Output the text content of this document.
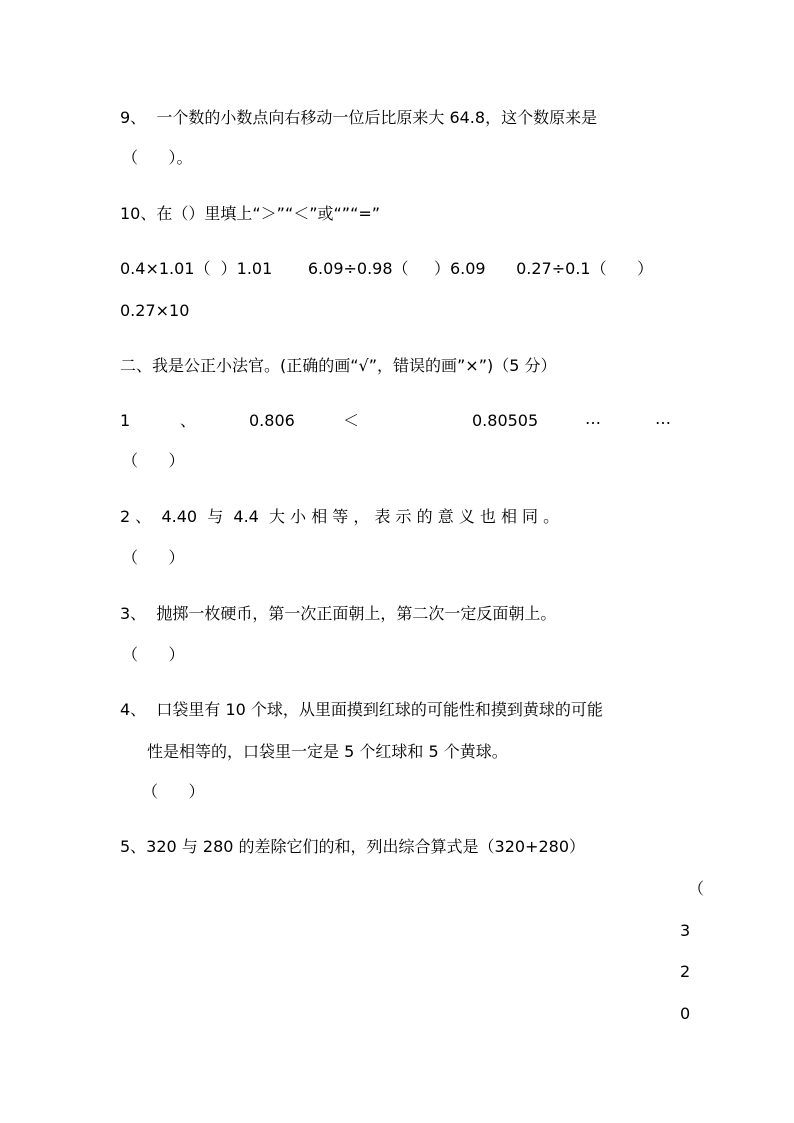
9、  一个数的小数点向右移动一位后比原来大 64.8，这个数原来是
（      ）。
10、在（）里填上“＞”“＜”或“”“=”
0.4×1.01（  ）1.01       6.09÷0.98（     ）6.09      0.27÷0.1（      ）
0.27×10
二、我是公正小法官。(正确的画“√”，错误的画”×”)（5 分）
1	、	0.806	＜	0.80505	…	…
（      ）
2 、  4.40  与  4.4  大 小 相 等 ， 表 示 的 意 义 也 相 同 。
（      ）
3、  抛掷一枚硬币，第一次正面朝上，第二次一定反面朝上。
（      ）
4、  口袋里有 10 个球，从里面摸到红球的可能性和摸到黄球的可能
性是相等的，口袋里一定是 5 个红球和 5 个黄球。
（      ）
5、320 与 280 的差除它们的和，列出综合算式是（320+280）
（
3
2
0
